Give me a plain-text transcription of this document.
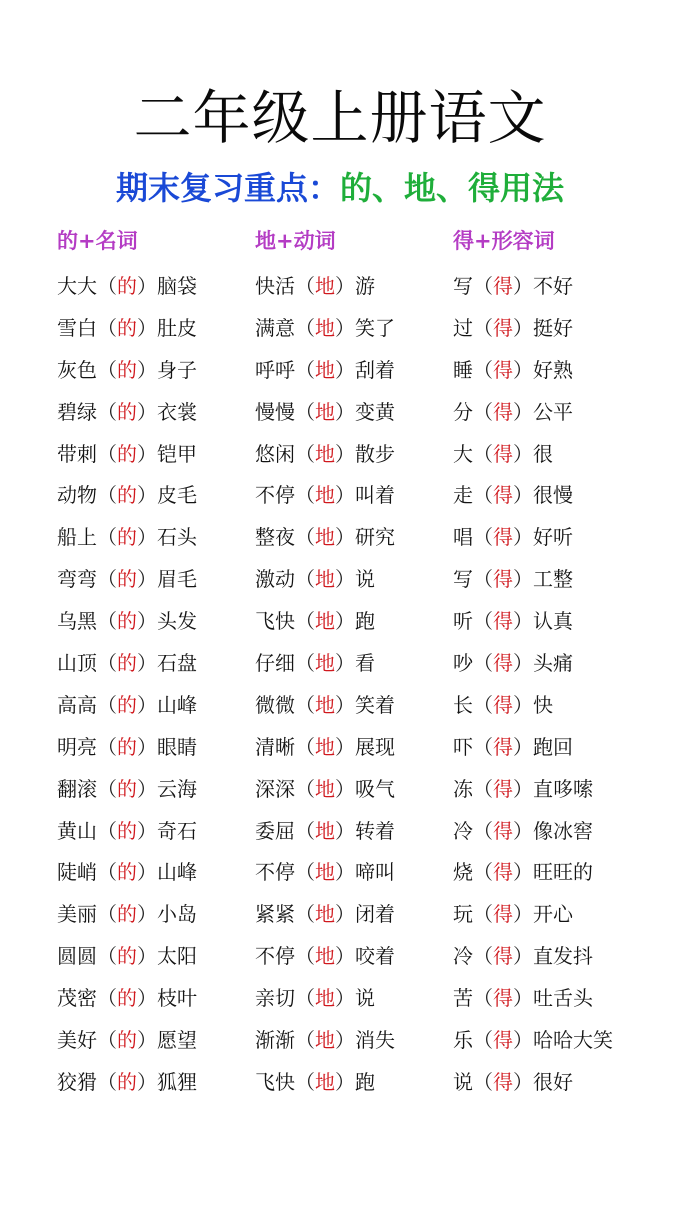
二年级上册语文
期末复习重点：的、地、得用法
的+名词
大大（的）脑袋
雪白（的）肚皮
灰色（的）身子
碧绿（的）衣裳
带刺（的）铠甲
动物（的）皮毛
船上（的）石头
弯弯（的）眉毛
乌黑（的）头发
山顶（的）石盘
高高（的）山峰
明亮（的）眼睛
翻滚（的）云海
黄山（的）奇石
陡峭（的）山峰
美丽（的）小岛
圆圆（的）太阳
茂密（的）枝叶
美好（的）愿望
狡猾（的）狐狸
地+动词
快活（地）游
满意（地）笑了
呼呼（地）刮着
慢慢（地）变黄
悠闲（地）散步
不停（地）叫着
整夜（地）研究
激动（地）说
飞快（地）跑
仔细（地）看
微微（地）笑着
清晰（地）展现
深深（地）吸气
委屈（地）转着
不停（地）啼叫
紧紧（地）闭着
不停（地）咬着
亲切（地）说
渐渐（地）消失
飞快（地）跑
得+形容词
写（得）不好
过（得）挺好
睡（得）好熟
分（得）公平
大（得）很
走（得）很慢
唱（得）好听
写（得）工整
听（得）认真
吵（得）头痛
长（得）快
吓（得）跑回
冻（得）直哆嗦
冷（得）像冰窖
烧（得）旺旺的
玩（得）开心
冷（得）直发抖
苦（得）吐舌头
乐（得）哈哈大笑
说（得）很好
